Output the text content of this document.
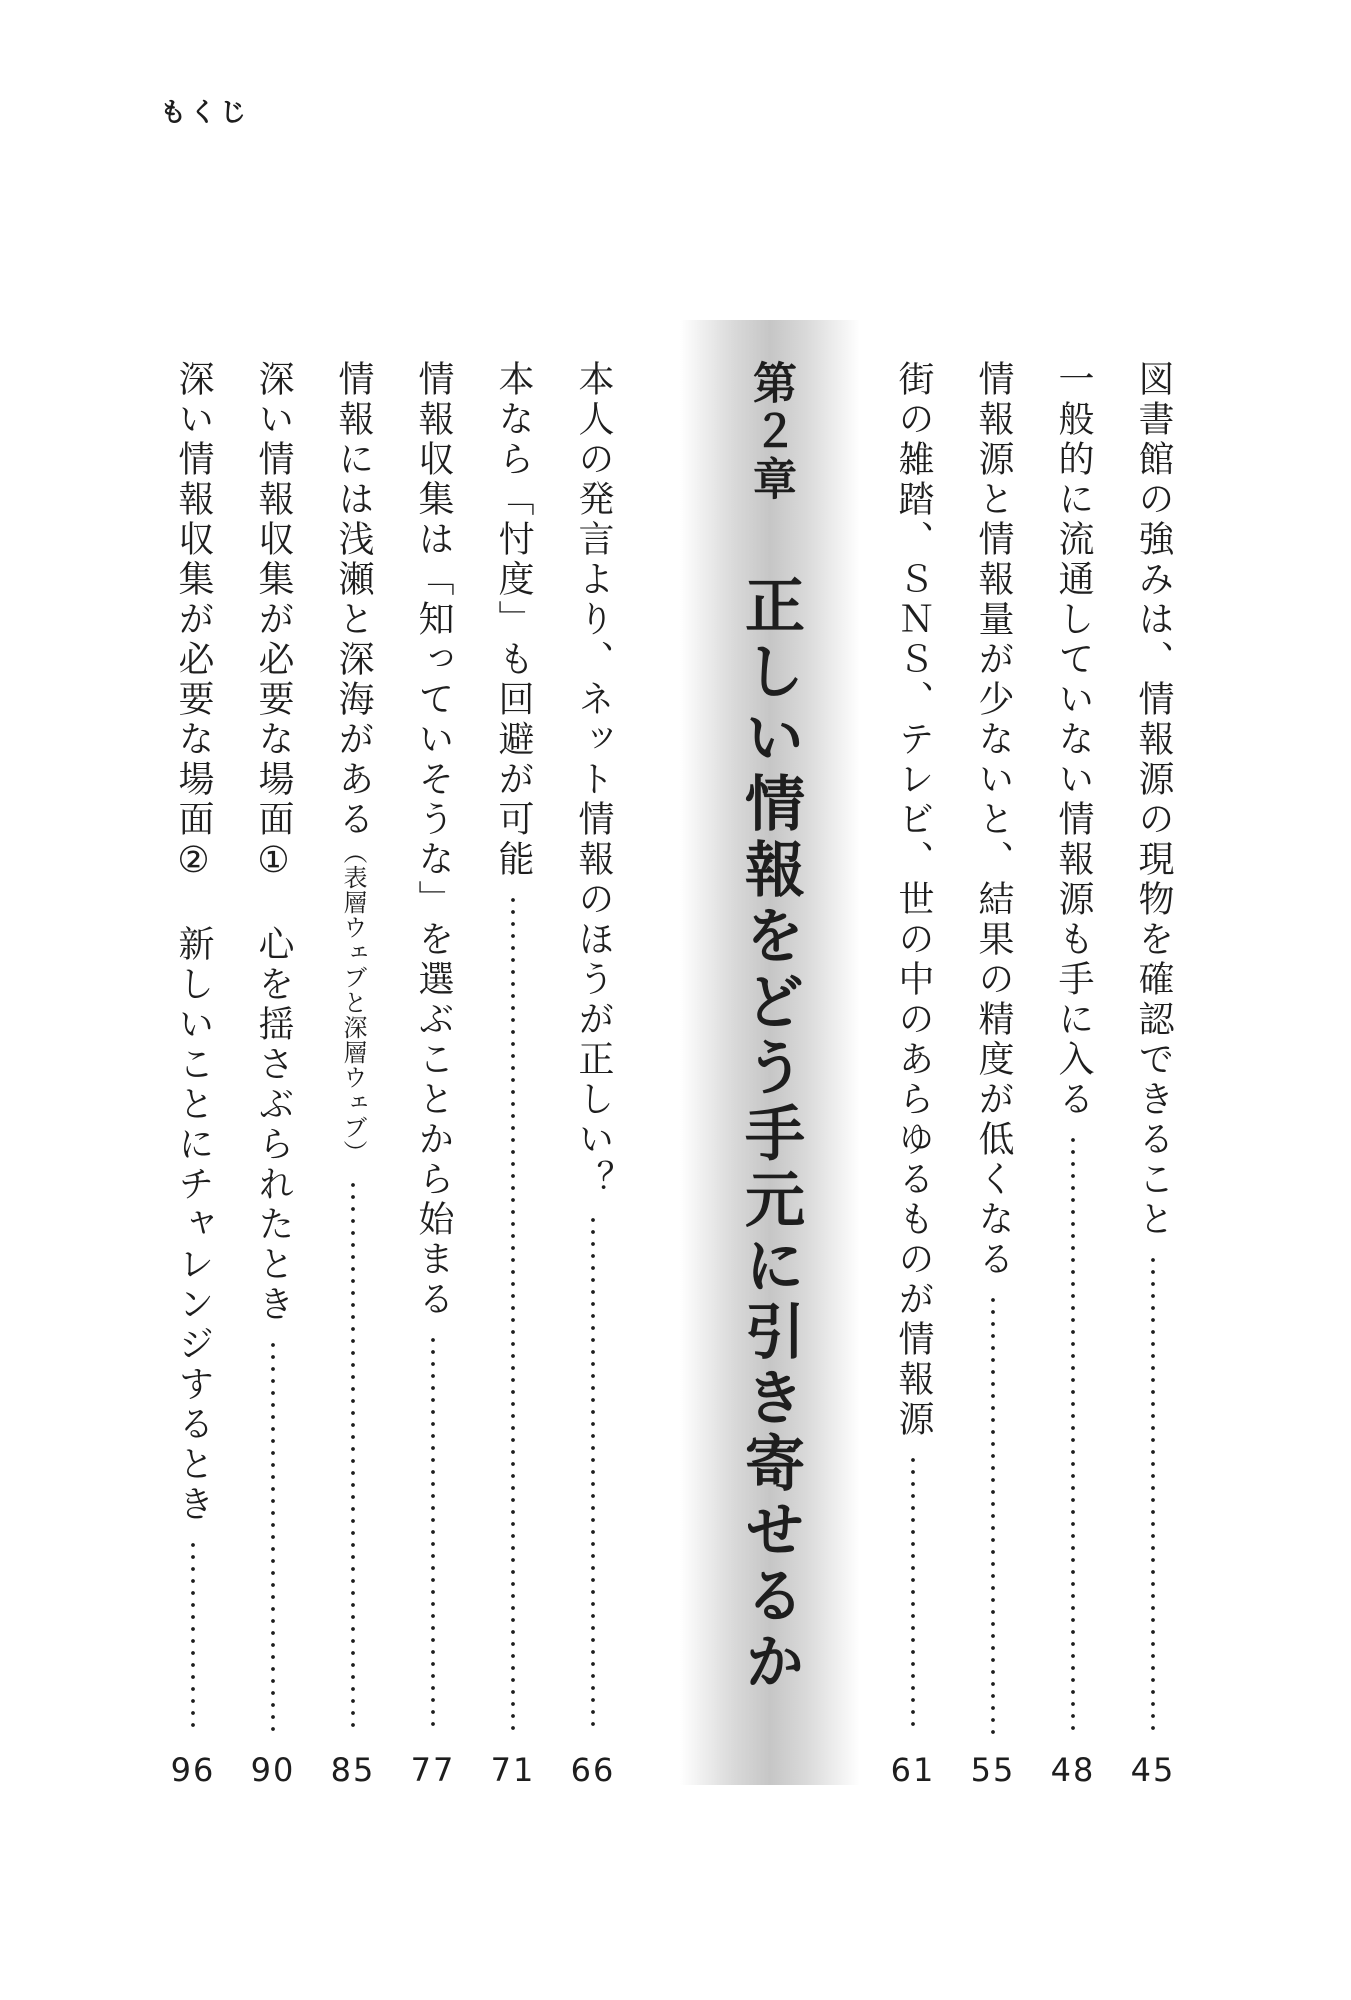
もくじ
図書館の強みは、情報源の現物を確認できること
45
一般的に流通していない情報源も手に入る
48
情報源と情報量が少ないと、結果の精度が低くなる
55
街の雑踏、ＳＮＳ、テレビ、世の中のあらゆるものが情報源
61
第２章
正しい情報をどう手元に引き寄せるか
本人の発言より、ネット情報のほうが正しい？
66
本なら「忖度」も回避が可能
71
情報収集は「知っていそうな」を選ぶことから始まる
77
情報には浅瀬と深海がある（表層ウェブと深層ウェブ）
85
深い情報収集が必要な場面①　心を揺さぶられたとき
90
深い情報収集が必要な場面②　新しいことにチャレンジするとき
96
